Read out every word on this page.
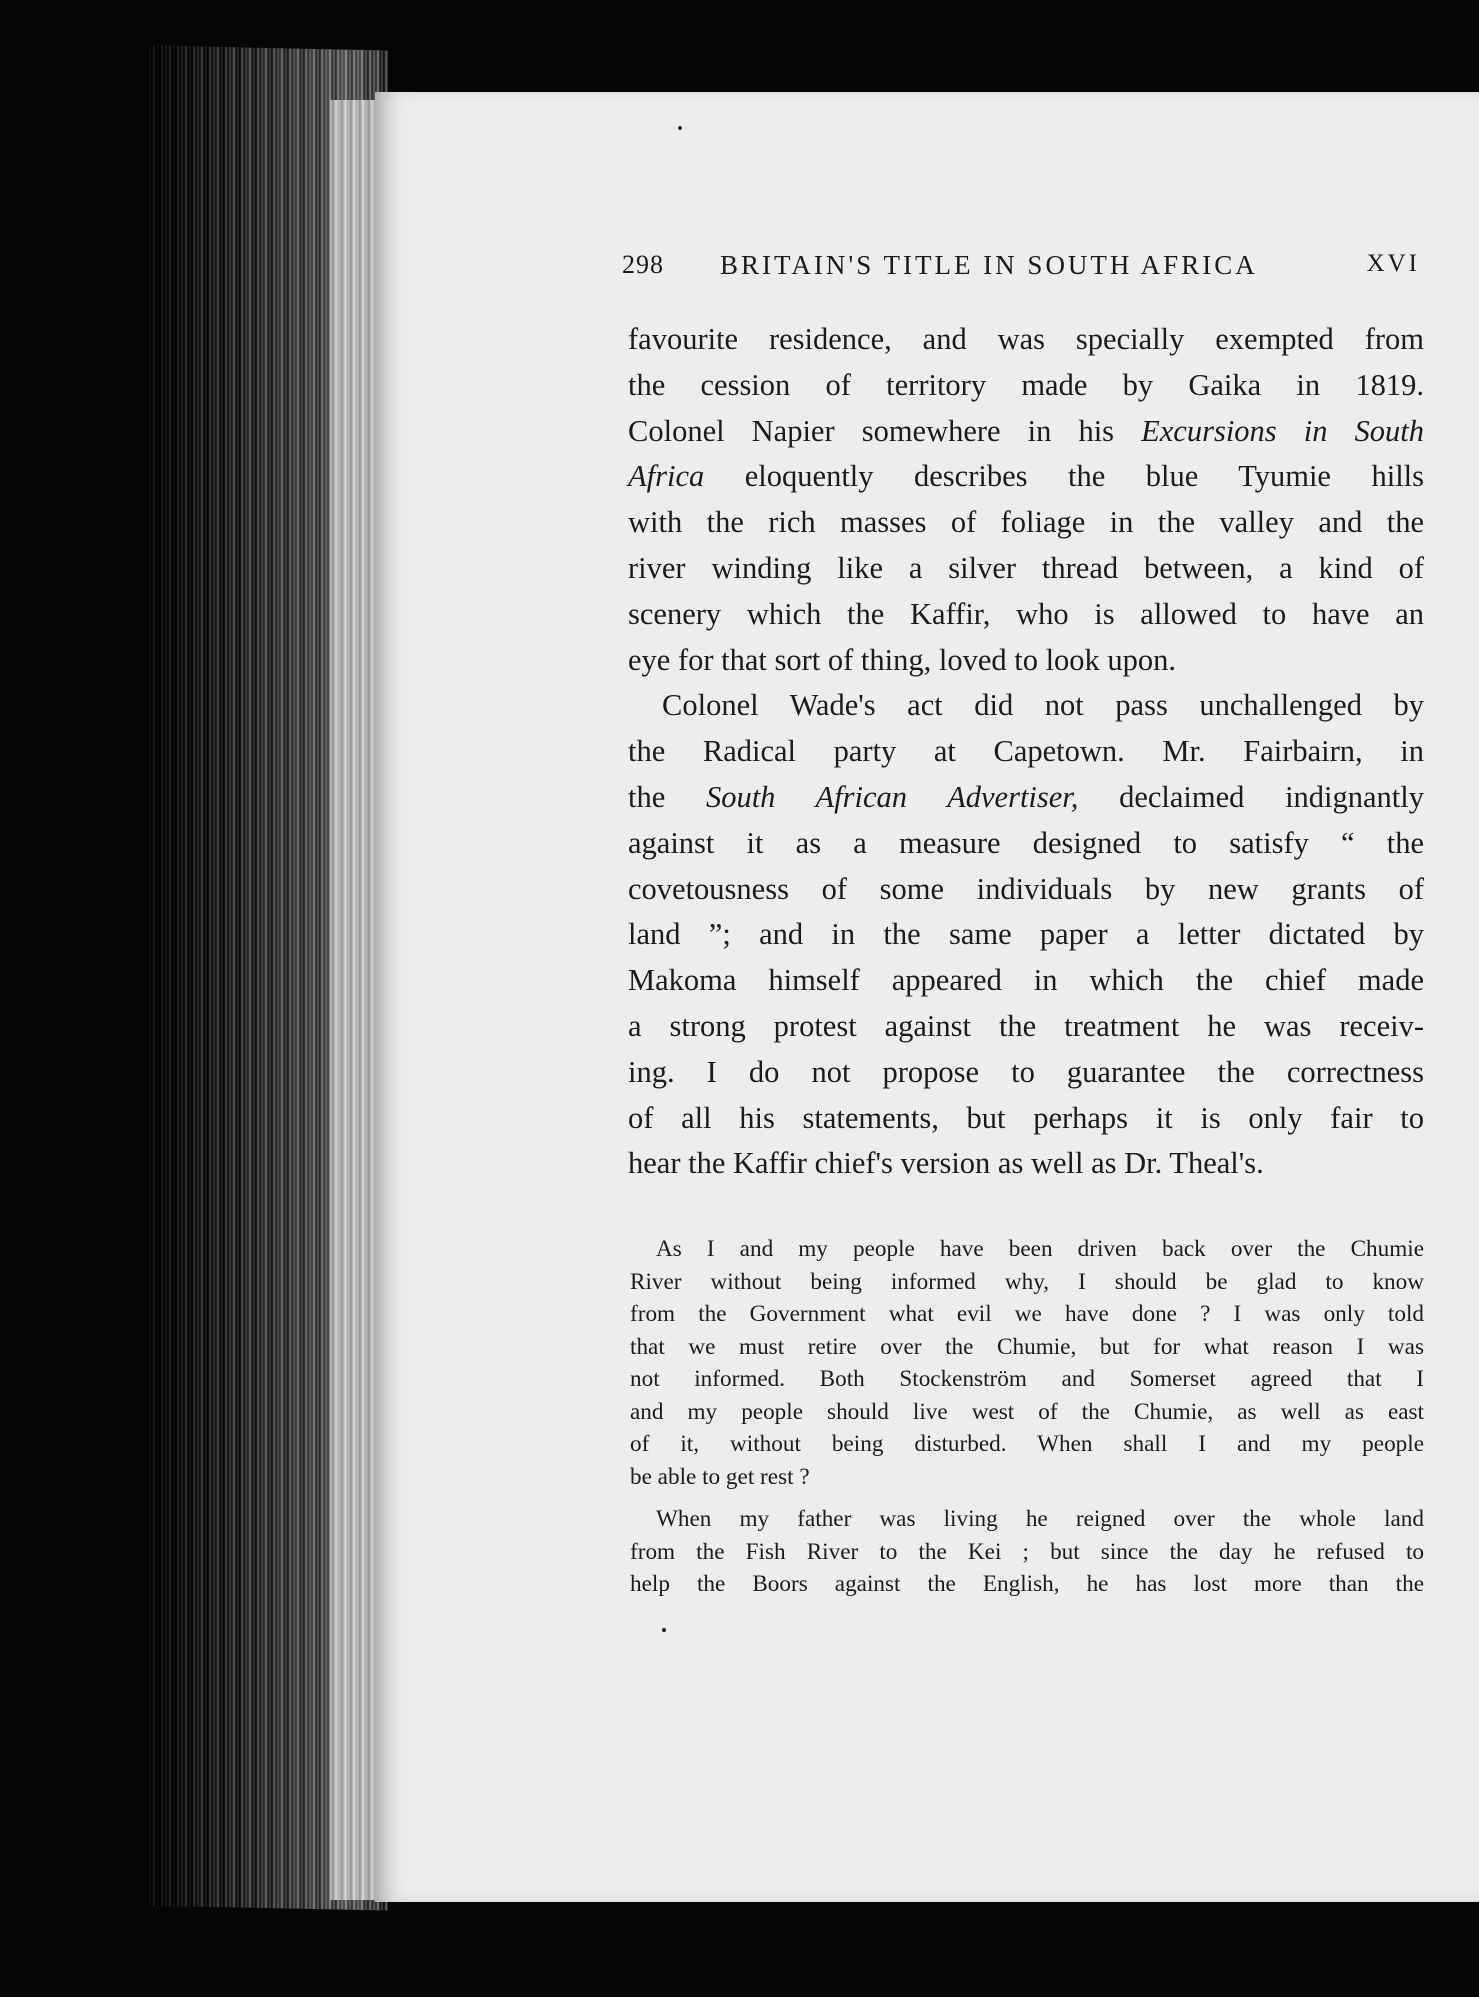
298 BRITAIN'S TITLE IN SOUTH AFRICA	XVI
favourite residence, and was specially exempted from
the cession of territory made by Gaika in 1819.
Colonel Napier somewhere in his Excursions in South
Africa eloquently describes the blue Tyumie hills
with the rich masses of foliage in the valley and the
river winding like a silver thread between, a kind of
scenery which the Kaffir, who is allowed to have an
eye for that sort of thing, loved to look upon.
Colonel Wade's act did not pass unchallenged by
the Radical party at Capetown. Mr. Fairbairn, in
the South African Advertiser, declaimed indignantly
against it as a measure designed to satisfy “ the
covetousness of some individuals by new grants of
land ”; and in the same paper a letter dictated by
Makoma himself appeared in which the chief made
a strong protest against the treatment he was receiv-
ing. I do not propose to guarantee the correctness
of all his statements, but perhaps it is only fair to
hear the Kaffir chief's version as well as Dr. Theal's.
As I and my people have been driven back over the Chumie
River without being informed why, I should be glad to know
from the Government what evil we have done ? I was only told
that we must retire over the Chumie, but for what reason I was
not informed. Both Stockenström and Somerset agreed that I
and my people should live west of the Chumie, as well as east
of it, without being disturbed. When shall I and my people
be able to get rest ?
When my father was living he reigned over the whole land
from the Fish River to the Kei ; but since the day he refused to
help the Boors against the English, he has lost more than the
